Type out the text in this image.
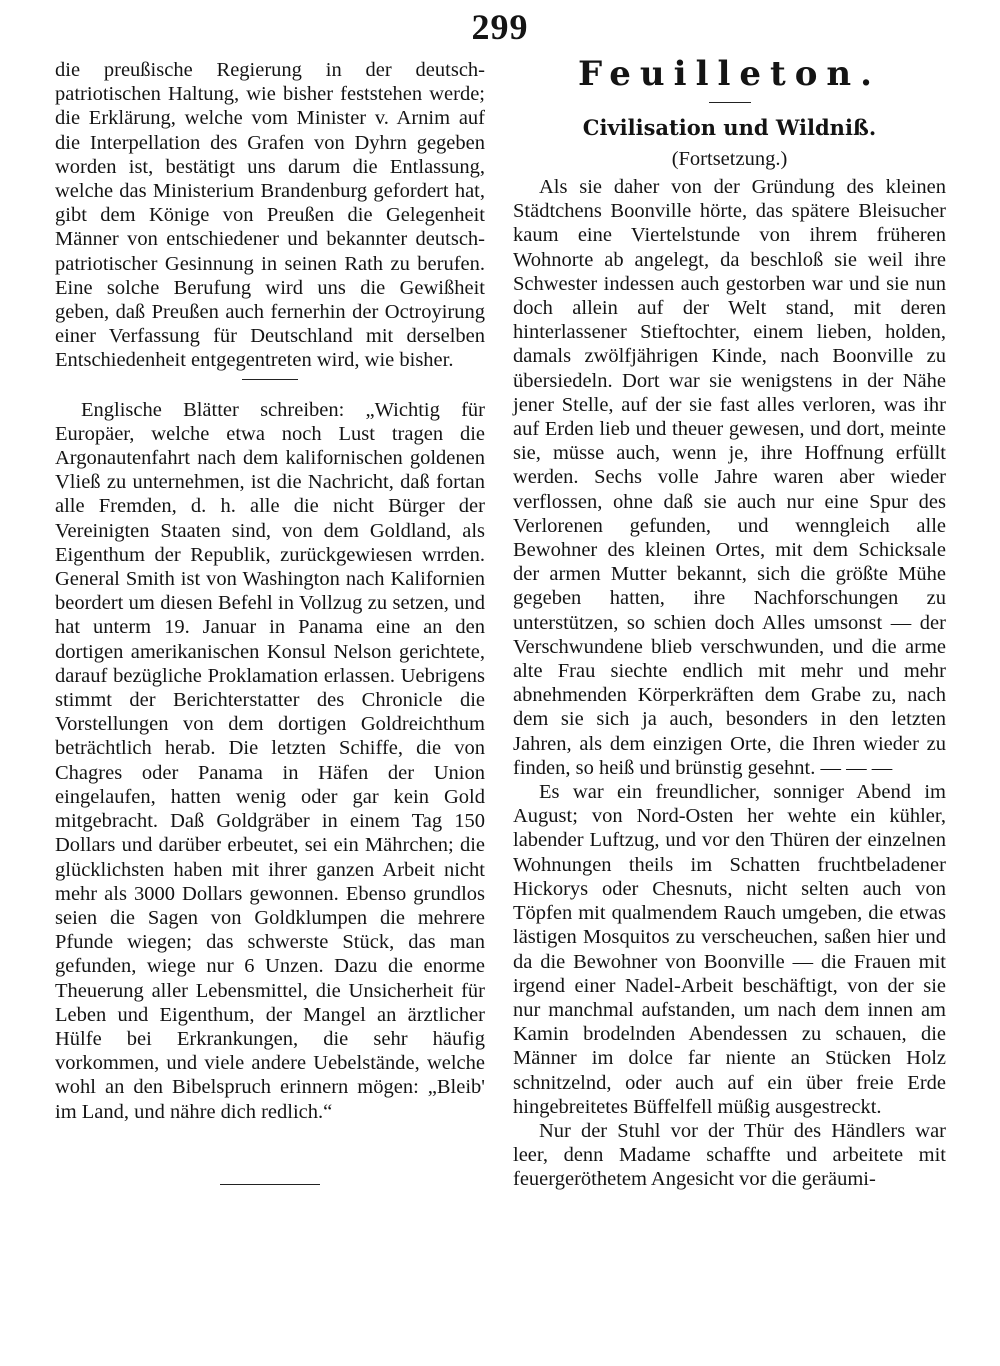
299

die preußische Regierung in der deutsch-patriotischen Haltung, wie bisher feststehen werde; die Erklärung, welche vom Minister v. Arnim auf die Interpellation des Grafen von Dyhrn gegeben worden ist, bestätigt uns darum die Entlassung, welche das Ministerium Brandenburg gefordert hat, gibt dem Könige von Preußen die Gelegenheit Männer von entschiedener und bekannter deutsch-patriotischer Gesinnung in seinen Rath zu berufen. Eine solche Berufung wird uns die Gewißheit geben, daß Preußen auch fernerhin der Octroyirung einer Verfassung für Deutschland mit derselben Entschiedenheit entgegentreten wird, wie bisher.

Englische Blätter schreiben: „Wichtig für Europäer, welche etwa noch Lust tragen die Argonautenfahrt nach dem kalifornischen goldenen Vließ zu unternehmen, ist die Nachricht, daß fortan alle Fremden, d. h. alle die nicht Bürger der Vereinigten Staaten sind, von dem Goldland, als Eigenthum der Republik, zurückgewiesen wrrden. General Smith ist von Washington nach Kalifornien beordert um diesen Befehl in Vollzug zu setzen, und hat unterm 19. Januar in Panama eine an den dortigen amerikanischen Konsul Nelson gerichtete, darauf bezügliche Proklamation erlassen. Uebrigens stimmt der Berichterstatter des Chronicle die Vorstellungen von dem dortigen Goldreichthum beträchtlich herab. Die letzten Schiffe, die von Chagres oder Panama in Häfen der Union eingelaufen, hatten wenig oder gar kein Gold mitgebracht. Daß Goldgräber in einem Tag 150 Dollars und darüber erbeutet, sei ein Mährchen; die glücklichsten haben mit ihrer ganzen Arbeit nicht mehr als 3000 Dollars gewonnen. Ebenso grundlos seien die Sagen von Goldklumpen die mehrere Pfunde wiegen; das schwerste Stück, das man gefunden, wiege nur 6 Unzen. Dazu die enorme Theuerung aller Lebensmittel, die Unsicherheit für Leben und Eigenthum, der Mangel an ärztlicher Hülfe bei Erkrankungen, die sehr häufig vorkommen, und viele andere Uebelstände, welche wohl an den Bibelspruch erinnern mögen: „Bleib' im Land, und nähre dich redlich.“

Feuilleton.
Civilisation und Wildniß.
(Fortsetzung.)

Als sie daher von der Gründung des kleinen Städtchens Boonville hörte, das spätere Bleisucher kaum eine Viertelstunde von ihrem früheren Wohnorte ab angelegt, da beschloß sie weil ihre Schwester indessen auch gestorben war und sie nun doch allein auf der Welt stand, mit deren hinterlassener Stieftochter, einem lieben, holden, damals zwölfjährigen Kinde, nach Boonville zu übersiedeln. Dort war sie wenigstens in der Nähe jener Stelle, auf der sie fast alles verloren, was ihr auf Erden lieb und theuer gewesen, und dort, meinte sie, müsse auch, wenn je, ihre Hoffnung erfüllt werden. Sechs volle Jahre waren aber wieder verflossen, ohne daß sie auch nur eine Spur des Verlorenen gefunden, und wenngleich alle Bewohner des kleinen Ortes, mit dem Schicksale der armen Mutter bekannt, sich die größte Mühe gegeben hatten, ihre Nachforschungen zu unterstützen, so schien doch Alles umsonst — der Verschwundene blieb verschwunden, und die arme alte Frau siechte endlich mit mehr und mehr abnehmenden Körperkräften dem Grabe zu, nach dem sie sich ja auch, besonders in den letzten Jahren, als dem einzigen Orte, die Ihren wieder zu finden, so heiß und brünstig gesehnt. — — —

Es war ein freundlicher, sonniger Abend im August; von Nord-Osten her wehte ein kühler, labender Luftzug, und vor den Thüren der einzelnen Wohnungen theils im Schatten fruchtbeladener Hickorys oder Chesnuts, nicht selten auch von Töpfen mit qualmendem Rauch umgeben, die etwas lästigen Mosquitos zu verscheuchen, saßen hier und da die Bewohner von Boonville — die Frauen mit irgend einer Nadel-Arbeit beschäftigt, von der sie nur manchmal aufstanden, um nach dem innen am Kamin brodelnden Abendessen zu schauen, die Männer im dolce far niente an Stücken Holz schnitzelnd, oder auch auf ein über freie Erde hingebreitetes Büffelfell müßig ausgestreckt.

Nur der Stuhl vor der Thür des Händlers war leer, denn Madame schaffte und arbeitete mit feuergeröthetem Angesicht vor die geräumi-
